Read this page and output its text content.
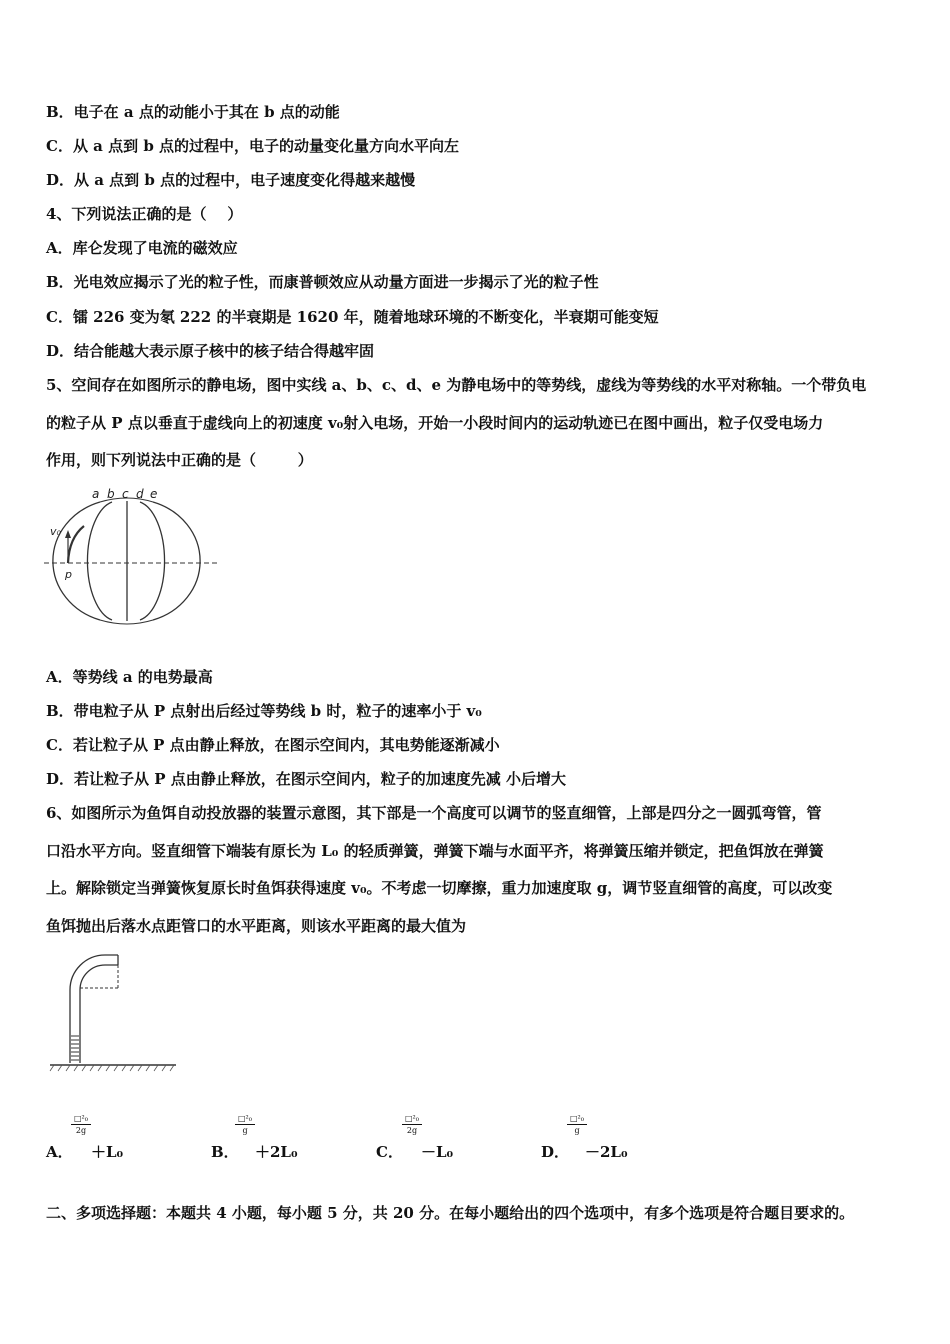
B．电子在 a 点的动能小于其在 b 点的动能
C．从 a 点到 b 点的过程中，电子的动量变化量方向水平向左
D．从 a 点到 b 点的过程中，电子速度变化得越来越慢
4、下列说法正确的是（    ）
A．库仑发现了电流的磁效应
B．光电效应揭示了光的粒子性，而康普顿效应从动量方面进一步揭示了光的粒子性
C．镭 226 变为氡 222 的半衰期是 1620 年，随着地球环境的不断变化，半衰期可能变短
D．结合能越大表示原子核中的核子结合得越牢固
5、空间存在如图所示的静电场，图中实线 a、b、c、d、e 为静电场中的等势线，虚线为等势线的水平对称轴。一个带负电
的粒子从 P 点以垂直于虚线向上的初速度 v₀射入电场，开始一小段时间内的运动轨迹已在图中画出，粒子仅受电场力
作用，则下列说法中正确的是（        ）
a b c d e
v₀
p
A．等势线 a 的电势最高
B．带电粒子从 P 点射出后经过等势线 b 时，粒子的速率小于 v₀
C．若让粒子从 P 点由静止释放，在图示空间内，其电势能逐渐减小
D．若让粒子从 P 点由静止释放，在图示空间内，粒子的加速度先减 小后增大
6、如图所示为鱼饵自动投放器的装置示意图，其下部是一个高度可以调节的竖直细管，上部是四分之一圆弧弯管，管
口沿水平方向。竖直细管下端装有原长为 L₀ 的轻质弹簧，弹簧下端与水面平齐，将弹簧压缩并锁定，把鱼饵放在弹簧
上。解除锁定当弹簧恢复原长时鱼饵获得速度 v₀。不考虑一切摩擦，重力加速度取 g，调节竖直细管的高度，可以改变
鱼饵抛出后落水点距管口的水平距离，则该水平距离的最大值为
A．
□²₀
2g
＋L₀	B．
□²₀
g
＋2L₀	C．
□²₀
2g
－L₀	D．
□²₀
g
－2L₀
二、多项选择题：本题共 4 小题，每小题 5 分，共 20 分。在每小题给出的四个选项中，有多个选项是符合题目要求的。
